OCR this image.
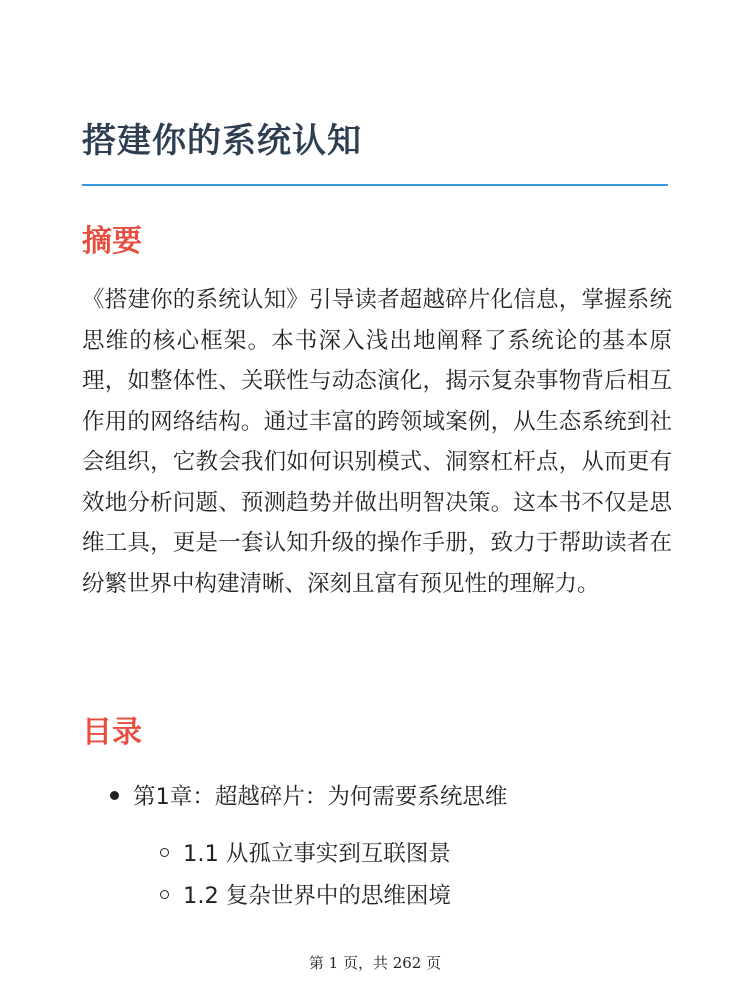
搭建你的系统认知
摘要

《搭建你的系统认知》引导读者超越碎片化信息，掌握系统思维的核心框架。本书深入浅出地阐释了系统论的基本原理，如整体性、关联性与动态演化，揭示复杂事物背后相互作用的网络结构。通过丰富的跨领域案例，从生态系统到社会组织，它教会我们如何识别模式、洞察杠杆点，从而更有效地分析问题、预测趋势并做出明智决策。这本书不仅是思维工具，更是一套认知升级的操作手册，致力于帮助读者在纷繁世界中构建清晰、深刻且富有预见性的理解力。

目录
第1章：超越碎片：为何需要系统思维
1.1 从孤立事实到互联图景
1.2 复杂世界中的思维困境
第 1 页，共 262 页
